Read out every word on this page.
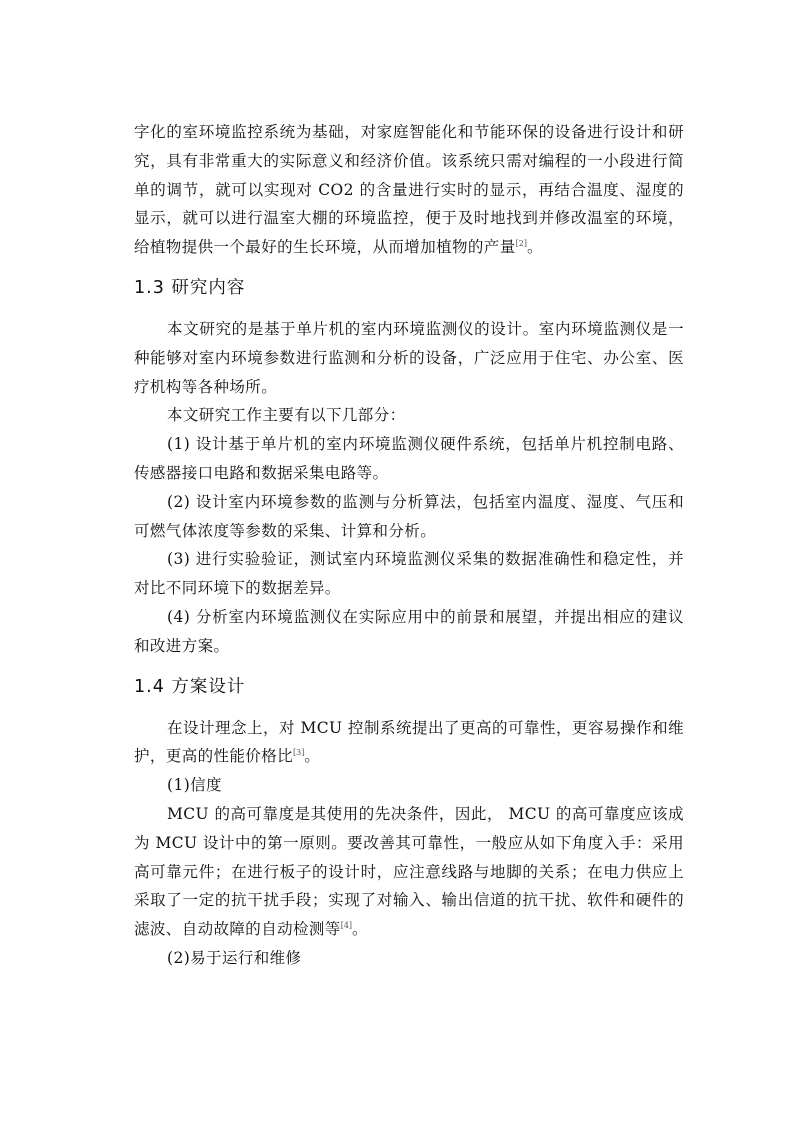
字化的室环境监控系统为基础，对家庭智能化和节能环保的设备进行设计和研究，具有非常重大的实际意义和经济价值。该系统只需对编程的一小段进行简单的调节，就可以实现对 CO2 的含量进行实时的显示，再结合温度、湿度的显示，就可以进行温室大棚的环境监控，便于及时地找到并修改温室的环境，给植物提供一个最好的生长环境，从而增加植物的产量[2]。

1.3 研究内容

本文研究的是基于单片机的室内环境监测仪的设计。室内环境监测仪是一种能够对室内环境参数进行监测和分析的设备，广泛应用于住宅、办公室、医疗机构等各种场所。

本文研究工作主要有以下几部分：

(1) 设计基于单片机的室内环境监测仪硬件系统，包括单片机控制电路、传感器接口电路和数据采集电路等。

(2) 设计室内环境参数的监测与分析算法，包括室内温度、湿度、气压和可燃气体浓度等参数的采集、计算和分析。

(3) 进行实验验证，测试室内环境监测仪采集的数据准确性和稳定性，并对比不同环境下的数据差异。

(4) 分析室内环境监测仪在实际应用中的前景和展望，并提出相应的建议和改进方案。

1.4 方案设计

在设计理念上，对 MCU 控制系统提出了更高的可靠性，更容易操作和维护，更高的性能价格比[3]。

(1)信度

MCU 的高可靠度是其使用的先决条件，因此， MCU 的高可靠度应该成为 MCU 设计中的第一原则。要改善其可靠性，一般应从如下角度入手：采用高可靠元件；在进行板子的设计时，应注意线路与地脚的关系；在电力供应上采取了一定的抗干扰手段；实现了对输入、输出信道的抗干扰、软件和硬件的滤波、自动故障的自动检测等[4]。

(2)易于运行和维修
